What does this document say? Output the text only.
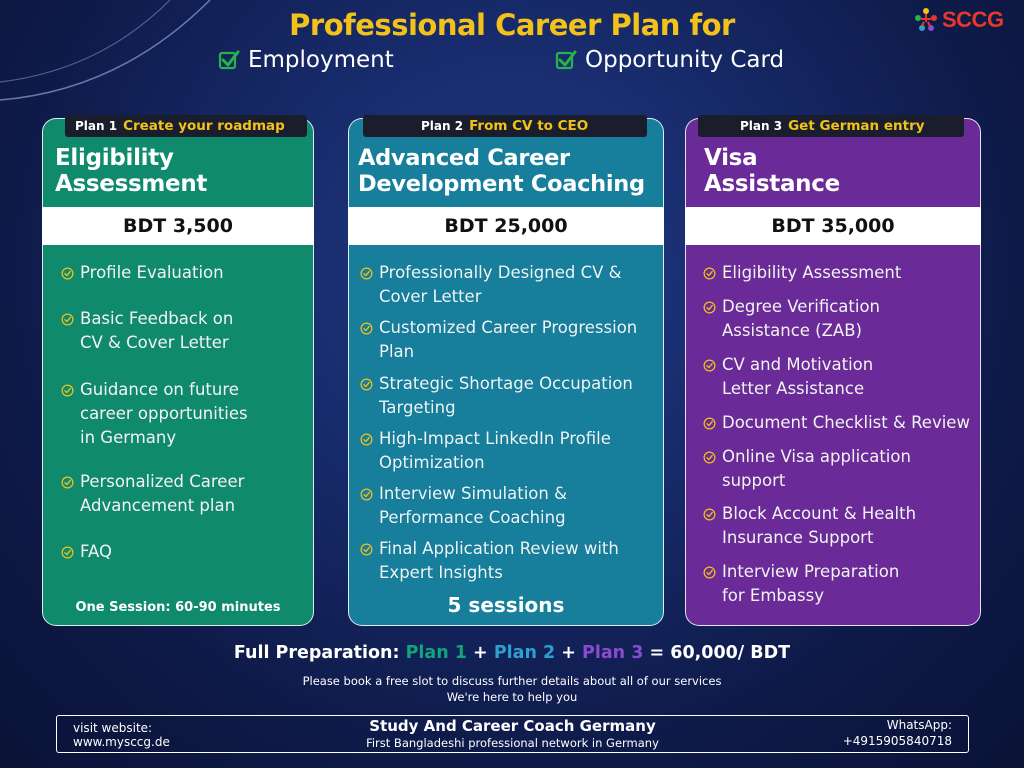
Professional Career Plan for
Employment	Opportunity Card
SCCG
Plan 1 Create your roadmap
Eligibility
Assessment
BDT 3,500
Profile Evaluation
Basic Feedback on
CV & Cover Letter
Guidance on future
career opportunities
in Germany
Personalized Career
Advancement plan
FAQ
One Session: 60-90 minutes
Plan 2 From CV to CEO
Advanced Career
Development Coaching
BDT 25,000
Professionally Designed CV &
Cover Letter
Customized Career Progression
Plan
Strategic Shortage Occupation
Targeting
High-Impact LinkedIn Profile
Optimization
Interview Simulation &
Performance Coaching
Final Application Review with
Expert Insights
5 sessions
Plan 3 Get German entry
Visa
Assistance
BDT 35,000
Eligibility Assessment
Degree Verification
Assistance (ZAB)
CV and Motivation
Letter Assistance
Document Checklist & Review
Online Visa application
support
Block Account & Health
Insurance Support
Interview Preparation
for Embassy
Full Preparation: Plan 1 + Plan 2 + Plan 3 = 60,000/ BDT
Please book a free slot to discuss further details about all of our services
We're here to help you
visit website:
www.mysccg.de
Study And Career Coach Germany
First Bangladeshi professional network in Germany
WhatsApp:
+4915905840718
